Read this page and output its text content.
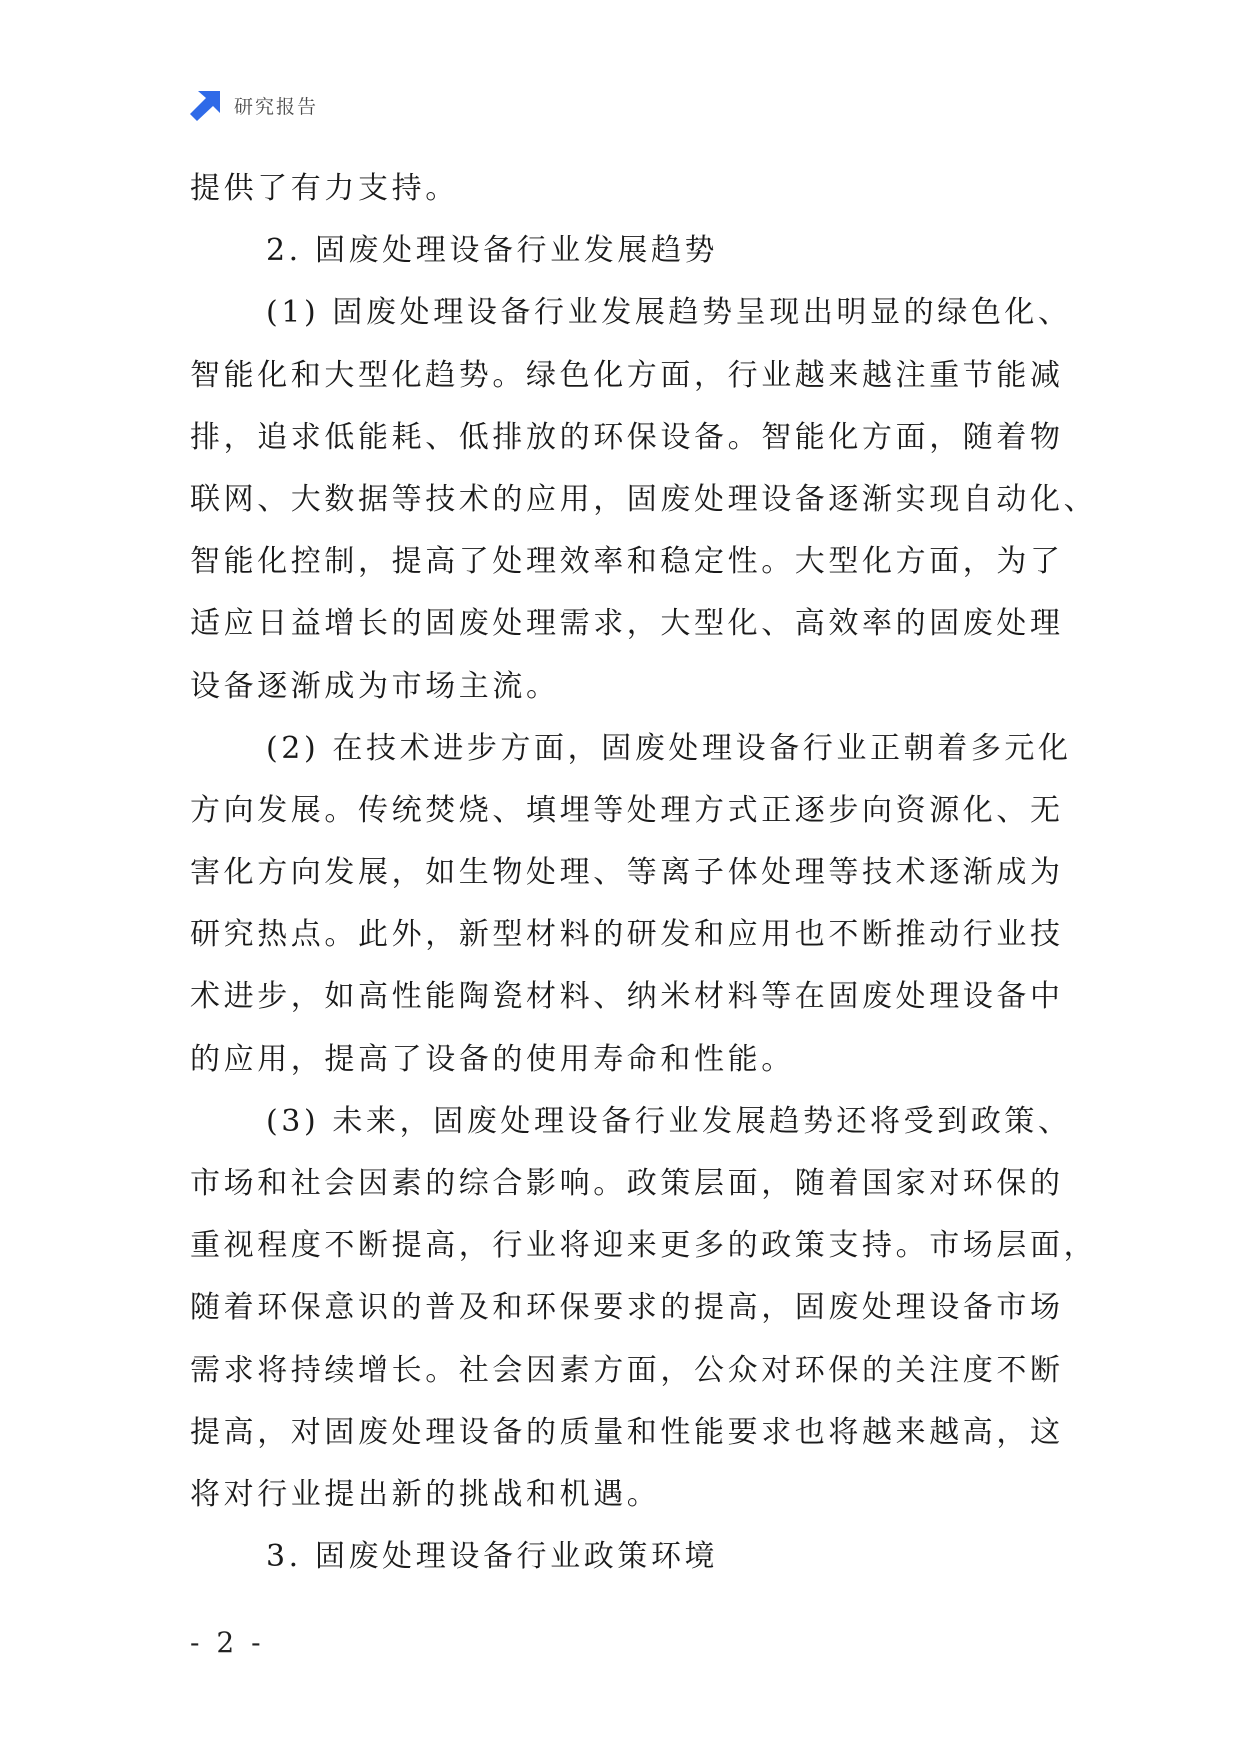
研究报告
提供了有力支持。
2. 固废处理设备行业发展趋势
(1) 固废处理设备行业发展趋势呈现出明显的绿色化、
智能化和大型化趋势。绿色化方面，行业越来越注重节能减
排，追求低能耗、低排放的环保设备。智能化方面，随着物
联网、大数据等技术的应用，固废处理设备逐渐实现自动化、
智能化控制，提高了处理效率和稳定性。大型化方面，为了
适应日益增长的固废处理需求，大型化、高效率的固废处理
设备逐渐成为市场主流。
(2) 在技术进步方面，固废处理设备行业正朝着多元化
方向发展。传统焚烧、填埋等处理方式正逐步向资源化、无
害化方向发展，如生物处理、等离子体处理等技术逐渐成为
研究热点。此外，新型材料的研发和应用也不断推动行业技
术进步，如高性能陶瓷材料、纳米材料等在固废处理设备中
的应用，提高了设备的使用寿命和性能。
(3) 未来，固废处理设备行业发展趋势还将受到政策、
市场和社会因素的综合影响。政策层面，随着国家对环保的
重视程度不断提高，行业将迎来更多的政策支持。市场层面，
随着环保意识的普及和环保要求的提高，固废处理设备市场
需求将持续增长。社会因素方面，公众对环保的关注度不断
提高，对固废处理设备的质量和性能要求也将越来越高，这
将对行业提出新的挑战和机遇。
3. 固废处理设备行业政策环境
- 2 -
